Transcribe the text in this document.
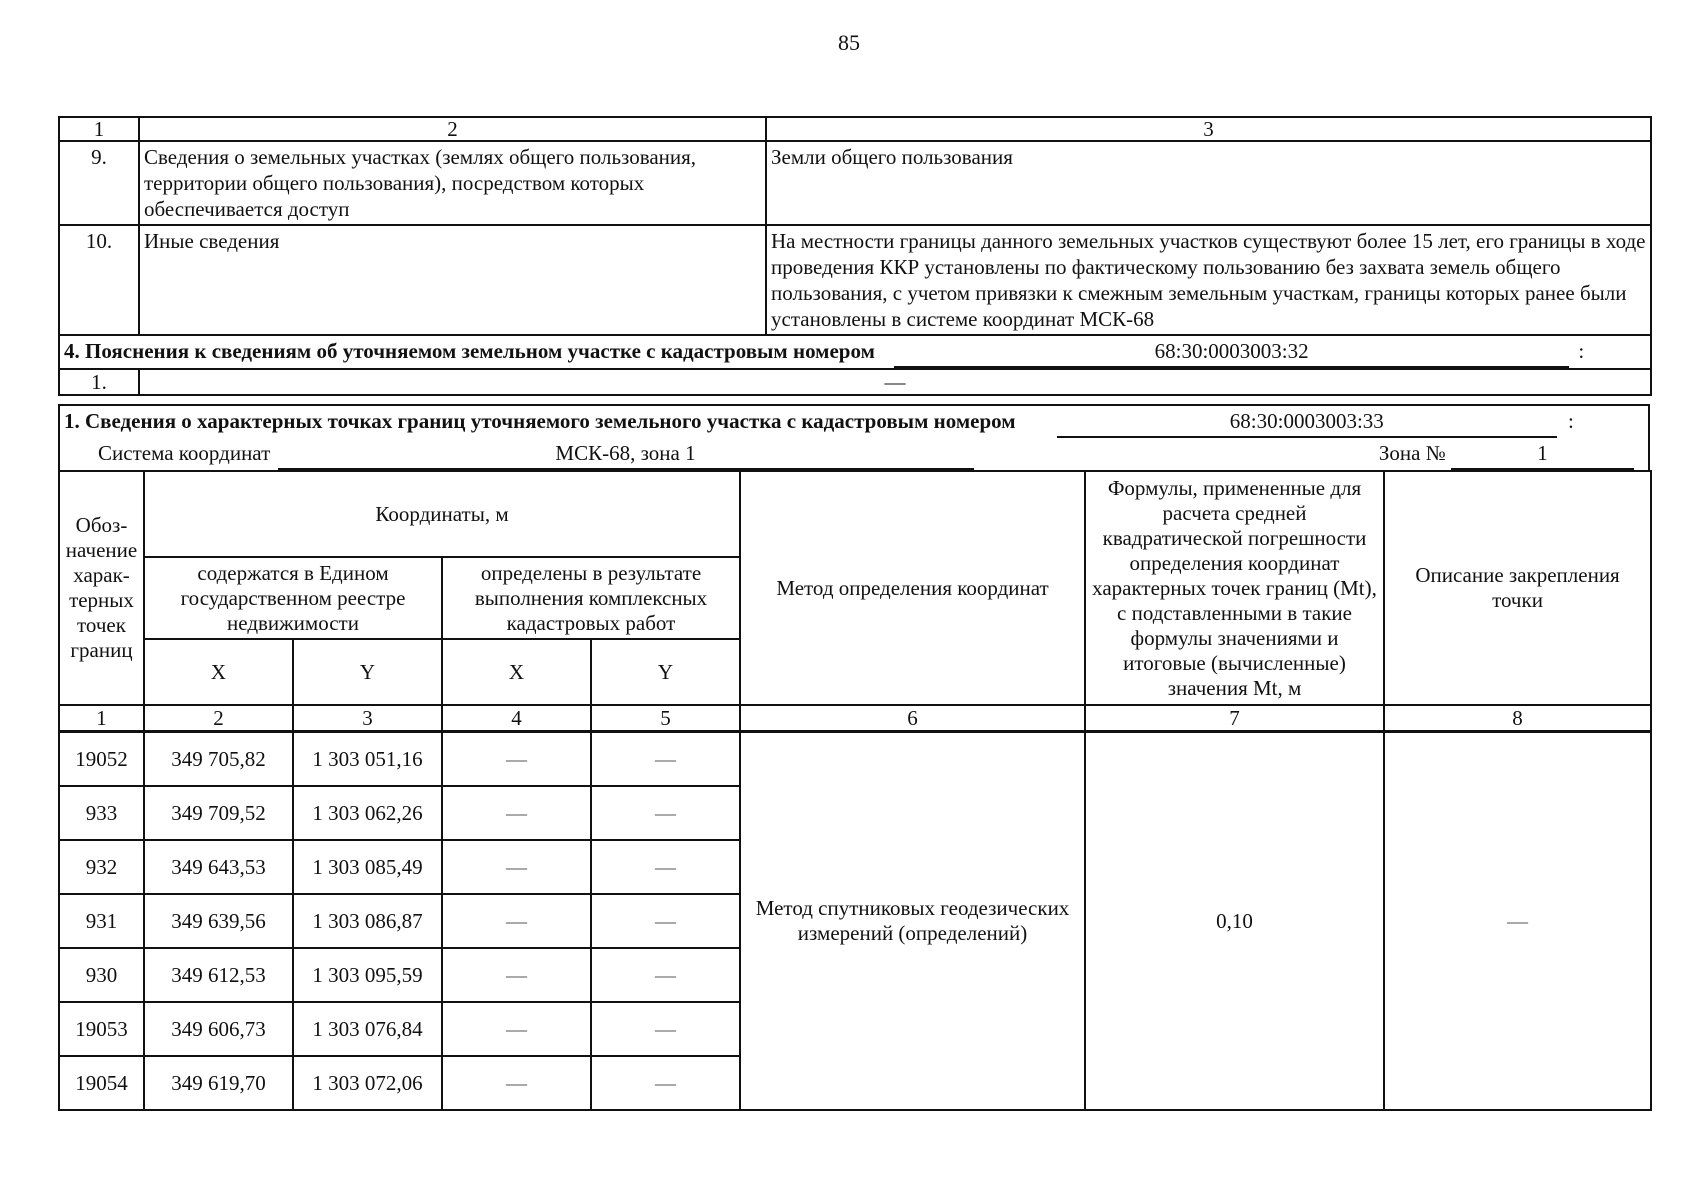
85
1	2	3
9.	Сведения о земельных участках (землях общего пользования, территории общего пользования), посредством которых обеспечивается доступ	Земли общего пользования
10.	Иные сведения	На местности границы данного земельных участков существуют более 15 лет, его границы в ходе проведения ККР установлены по фактическому пользованию без захвата земель общего пользования, с учетом привязки к смежным земельным участкам, границы которых ранее были установлены в системе координат МСК-68
4. Пояснения к сведениям об уточняемом земельном участке с кадастровым номером 68:30:0003003:32 :		
1.	—	
1. Сведения о характерных точках границ уточняемого земельного участка с кадастровым номером	68:30:0003003:33	:
Система координат	МСК-68, зона 1	Зона №	1
Обоз-начение харак-терных точек границ	Координаты, м				Метод определения координат	Формулы, примененные для расчета средней квадратической погрешности определения координат характерных точек границ (Mt), с подставленными в такие формулы значениями и итоговые (вычисленные) значения Mt, м	Описание закрепления точки
	содержатся в Едином государственном реестре недвижимости		определены в результате выполнения комплексных кадастровых работ				
	X	Y	X	Y			
1	2	3	4	5	6	7	8
19052	349 705,82	1 303 051,16	—	—	Метод спутниковых геодезических измерений (определений)	0,10	—
933	349 709,52	1 303 062,26	—	—			
932	349 643,53	1 303 085,49	—	—			
931	349 639,56	1 303 086,87	—	—			
930	349 612,53	1 303 095,59	—	—			
19053	349 606,73	1 303 076,84	—	—			
19054	349 619,70	1 303 072,06	—	—			
